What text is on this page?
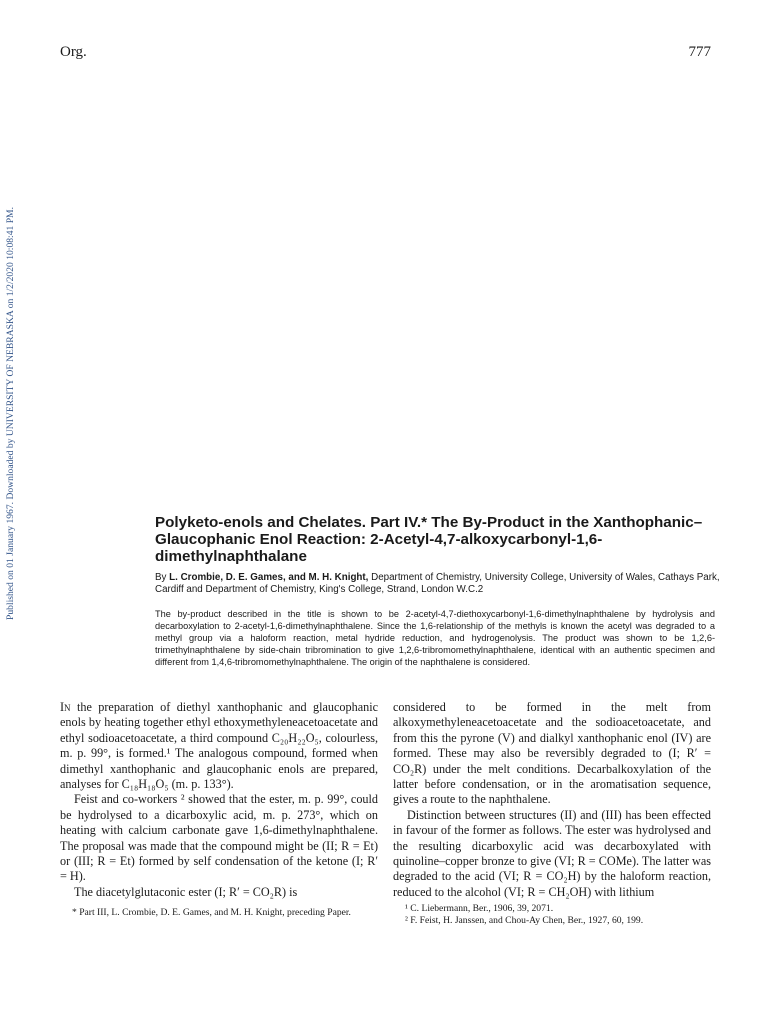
Org.	777
Published on 01 January 1967. Downloaded by UNIVERSITY OF NEBRASKA on 1/2/2020 10:08:41 PM.	Polyketo-enols and Chelates. Part IV.* The By-Product in the Xanthophanic–Glaucophanic Enol Reaction: 2-Acetyl-4,7-alkoxycarbonyl-1,6-dimethylnaphthalane
By L. Crombie, D. E. Games, and M. H. Knight, Department of Chemistry, University College, University of Wales, Cathays Park, Cardiff and Department of Chemistry, King's College, Strand, London W.C.2
The by-product described in the title is shown to be 2-acetyl-4,7-diethoxycarbonyl-1,6-dimethylnaphthalene by hydrolysis and decarboxylation to 2-acetyl-1,6-dimethylnaphthalene. Since the 1,6-relationship of the methyls is known the acetyl was degraded to a methyl group via a haloform reaction, metal hydride reduction, and hydrogenolysis. The product was shown to be 1,2,6-trimethylnaphthalene by side-chain tribromination to give 1,2,6-tribromomethylnaphthalene, identical with an authentic specimen and different from 1,4,6-tribromomethylnaphthalene. The origin of the naphthalene is considered.

In the preparation of diethyl xanthophanic and glaucophanic enols by heating together ethyl ethoxymethyleneacetoacetate and ethyl sodioacetoacetate, a third compound C₂₀H₂₂O₅, colourless, m. p. 99°, is formed.¹ The analogous compound, formed when dimethyl xanthophanic and glaucophanic enols are prepared, analyses for C₁₈H₁₈O₅ (m. p. 133°).

Feist and co-workers ² showed that the ester, m. p. 99°, could be hydrolysed to a dicarboxylic acid, m. p. 273°, which on heating with calcium carbonate gave 1,6-dimethylnaphthalene. The proposal was made that the compound might be (II; R = Et) or (III; R = Et) formed by self condensation of the ketone (I; R′ = H).

The diacetylglutaconic ester (I; R′ = CO₂R) is

considered to be formed in the melt from alkoxymethyleneacetoacetate and the sodioacetoacetate, and from this the pyrone (V) and dialkyl xanthophanic enol (IV) are formed. These may also be reversibly degraded to (I; R′ = CO₂R) under the melt conditions. Decarbalkoxylation of the latter before condensation, or in the aromatisation sequence, gives a route to the naphthalene.

Distinction between structures (II) and (III) has been effected in favour of the former as follows. The ester was hydrolysed and the resulting dicarboxylic acid was decarboxylated with quinoline–copper bronze to give (VI; R = COMe). The latter was degraded to the acid (VI; R = CO₂H) by the haloform reaction, reduced to the alcohol (VI; R = CH₂OH) with lithium

* Part III, L. Crombie, D. E. Games, and M. H. Knight, preceding Paper.	¹ C. Liebermann, Ber., 1906, 39, 2071.
² F. Feist, H. Janssen, and Chou-Ay Chen, Ber., 1927, 60, 199.
